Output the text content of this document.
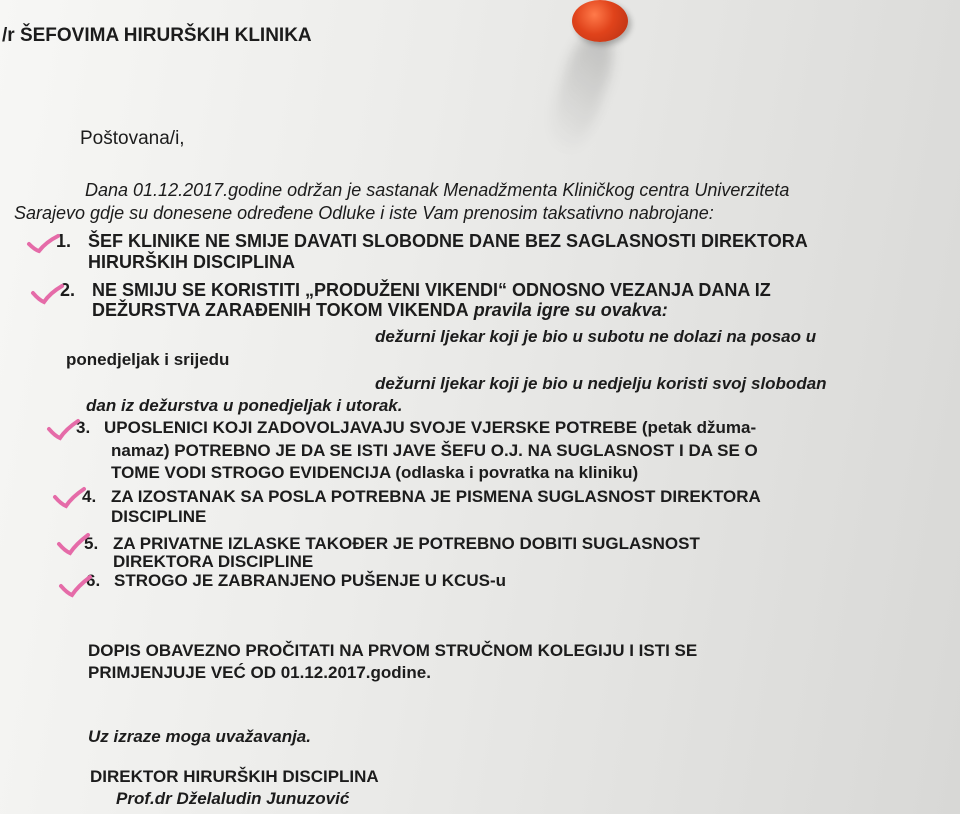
/r ŠEFOVIMA HIRURŠKIH KLINIKA
Poštovana/i,
Dana 01.12.2017.godine održan je sastanak Menadžmenta Kliničkog centra Univerziteta
Sarajevo gdje su donesene određene Odluke i iste Vam prenosim taksativno nabrojane:
1. ŠEF KLINIKE NE SMIJE DAVATI SLOBODNE DANE BEZ SAGLASNOSTI DIREKTORA
HIRURŠKIH DISCIPLINA
2. NE SMIJU SE KORISTITI „PRODUŽENI VIKENDI“ ODNOSNO VEZANJA DANA IZ
DEŽURSTVA ZARAĐENIH TOKOM VIKENDA pravila igre su ovakva:
dežurni ljekar koji je bio u subotu ne dolazi na posao u
ponedjeljak i srijedu
dežurni ljekar koji je bio u nedjelju koristi svoj slobodan
dan iz dežurstva u ponedjeljak i utorak.
3. UPOSLENICI KOJI ZADOVOLJAVAJU SVOJE VJERSKE POTREBE (petak džuma-
namaz) POTREBNO JE DA SE ISTI JAVE ŠEFU O.J. NA SUGLASNOST I DA SE O
TOME VODI STROGO EVIDENCIJA (odlaska i povratka na kliniku)
4. ZA IZOSTANAK SA POSLA POTREBNA JE PISMENA SUGLASNOST DIREKTORA
DISCIPLINE
5. ZA PRIVATNE IZLASKE TAKOĐER JE POTREBNO DOBITI SUGLASNOST
DIREKTORA DISCIPLINE
6. STROGO JE ZABRANJENO PUŠENJE U KCUS-u
DOPIS OBAVEZNO PROČITATI NA PRVOM STRUČNOM KOLEGIJU I ISTI SE
PRIMJENJUJE VEĆ OD 01.12.2017.godine.
Uz izraze moga uvažavanja.
DIREKTOR HIRURŠKIH DISCIPLINA
Prof.dr Dželaludin Junuzović
